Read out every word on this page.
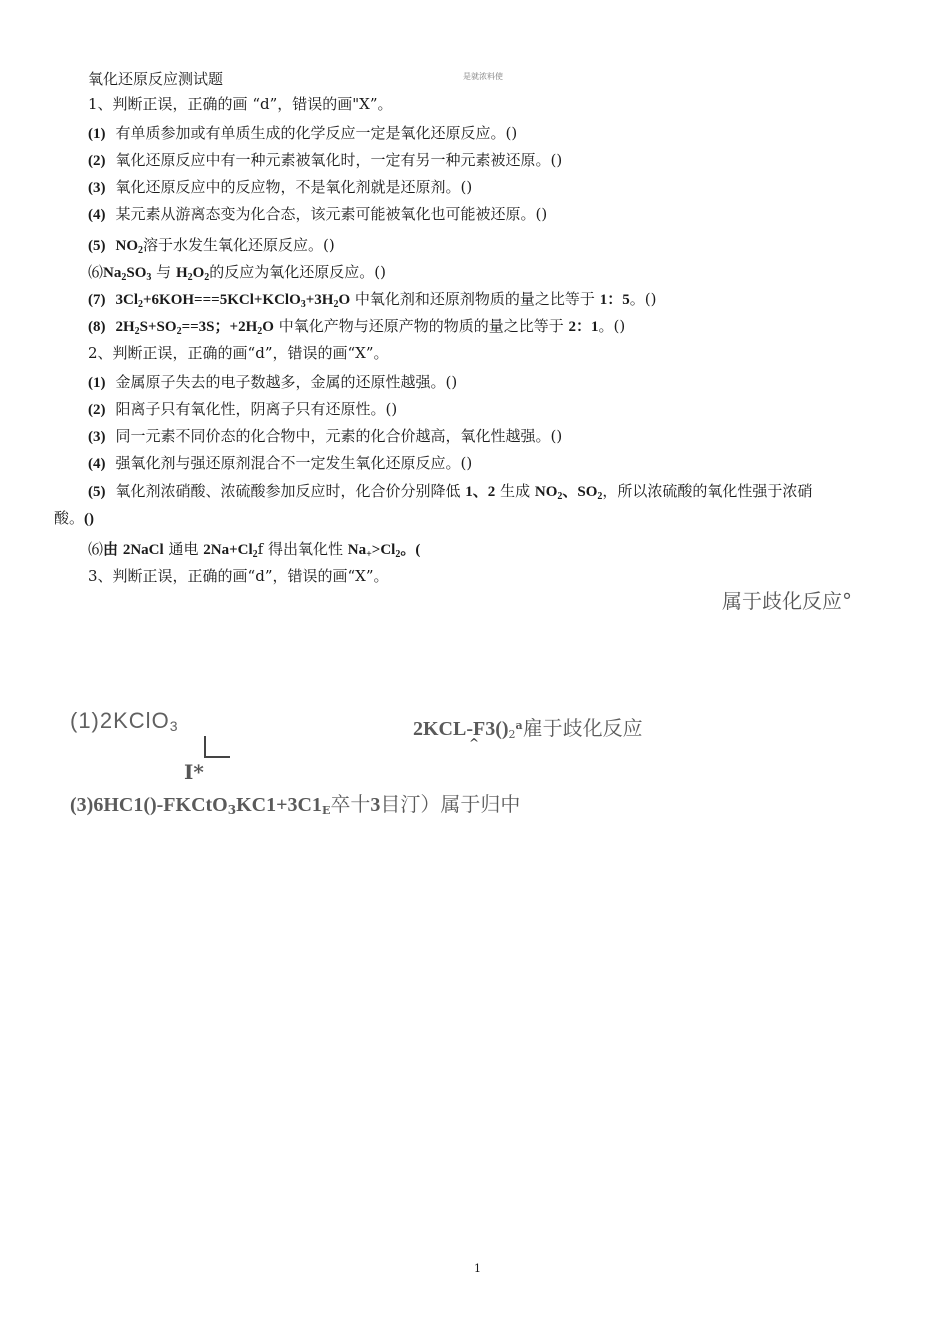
氧化还原反应测试题	是就浓料使
1、判断正误，正确的画 “d”，错误的画"X”。
(1) 有单质参加或有单质生成的化学反应一定是氧化还原反应。()
(2) 氧化还原反应中有一种元素被氧化时，一定有另一种元素被还原。()
(3) 氧化还原反应中的反应物，不是氧化剂就是还原剂。()
(4) 某元素从游离态变为化合态，该元素可能被氧化也可能被还原。()
(5) $NO_2$溶于水发生氧化还原反应。()
$⑹Na_2SO_3$ 与 $H_2O_2$的反应为氧化还原反应。()
(7) $3Cl_2+6KOH===5KCl+KClO_3+3H_2O$ 中氧化剂和还原剂物质的量之比等于 1：5。()
(8) $2H_2S+SO_2==3S$；$+2H_2O$ 中氧化产物与还原产物的物质的量之比等于 2：1。()
2、判断正误，正确的画“d”，错误的画“X”。
(1) 金属原子失去的电子数越多，金属的还原性越强。()
(2) 阳离子只有氧化性，阴离子只有还原性。()
(3) 同一元素不同价态的化合物中，元素的化合价越高，氧化性越强。()
(4) 强氧化剂与强还原剂混合不一定发生氧化还原反应。()
(5) 氧化剂浓硝酸、浓硫酸参加反应时，化合价分别降低 1、2 生成 $NO_2$、$SO_2$，所以浓硫酸的氧化性强于浓硝
酸。()
⑹由 2NaCl 通电 $2Na+Cl_2f$ 得出氧化性 $Na_+>Cl_2$。(
3、判断正误，正确的画“d”，错误的画“X”。
属于歧化反应°
(1)2KClO$_3$	$2KCL-F3()_2^a$雇于歧化反应
^
I*
$(3)6HC1()-FKCtO_3KC1+3C1_E$卒十3目汀）属于归中
1
